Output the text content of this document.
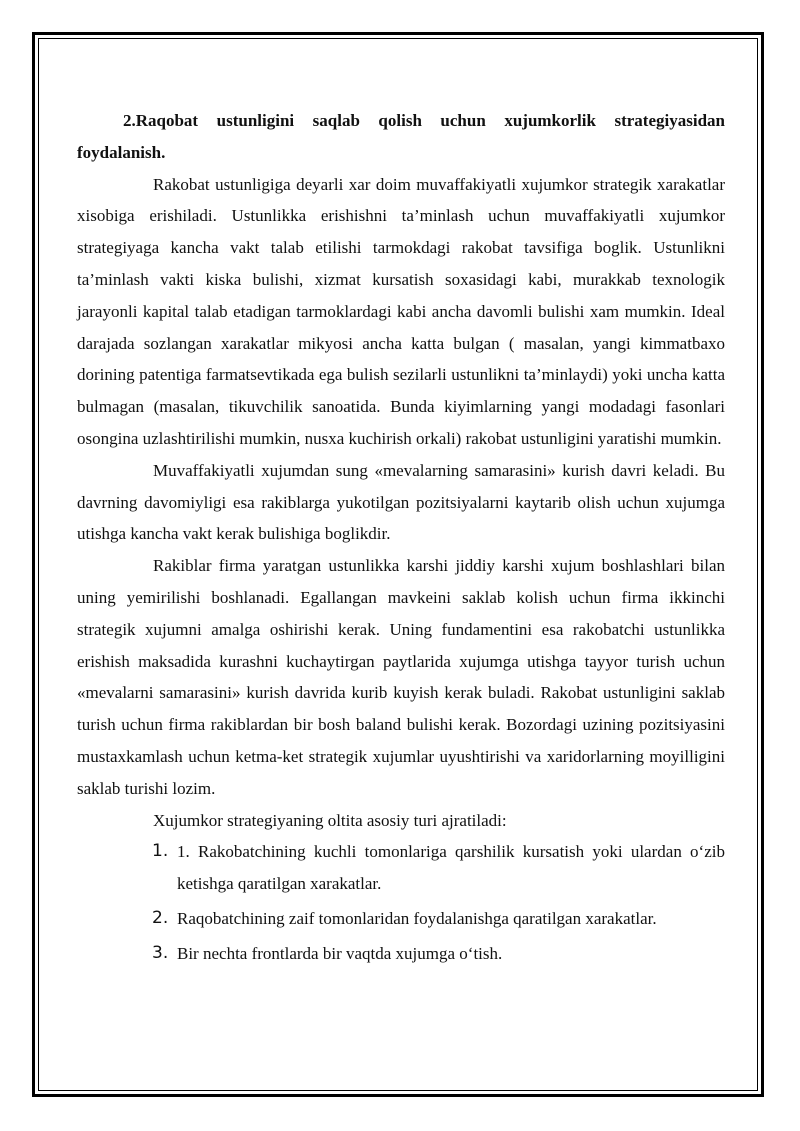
2.Raqobat ustunligini saqlab qolish uchun xujumkorlik strategiyasidan foydalanish.

Rakobat ustunligiga deyarli xar doim muvaffakiyatli xujumkor strategik xarakatlar xisobiga erishiladi. Ustunlikka erishishni ta’minlash uchun muvaffakiyatli xujumkor strategiyaga kancha vakt talab etilishi tarmokdagi rakobat tavsifiga boglik. Ustunlikni ta’minlash vakti kiska bulishi, xizmat kursatish soxasidagi kabi, murakkab texnologik jarayonli kapital talab etadigan tarmoklardagi kabi ancha davomli bulishi xam mumkin. Ideal darajada sozlangan xarakatlar mikyosi ancha katta bulgan ( masalan, yangi kimmatbaxo dorining patentiga farmatsevtikada ega bulish sezilarli ustunlikni ta’minlaydi) yoki uncha katta bulmagan (masalan, tikuvchilik sanoatida. Bunda kiyimlarning yangi modadagi fasonlari osongina uzlashtirilishi mumkin, nusxa kuchirish orkali) rakobat ustunligini yaratishi mumkin.

Muvaffakiyatli xujumdan sung «mevalarning samarasini» kurish davri keladi. Bu davrning davomiyligi esa rakiblarga yukotilgan pozitsiyalarni kaytarib olish uchun xujumga utishga kancha vakt kerak bulishiga boglikdir.

Rakiblar firma yaratgan ustunlikka karshi jiddiy karshi xujum boshlashlari bilan uning yemirilishi boshlanadi. Egallangan mavkeini saklab kolish uchun firma ikkinchi strategik xujumni amalga oshirishi kerak. Uning fundamentini esa rakobatchi ustunlikka erishish maksadida kurashni kuchaytirgan paytlarida xujumga utishga tayyor turish uchun «mevalarni samarasini» kurish davrida kurib kuyish kerak buladi. Rakobat ustunligini saklab turish uchun firma rakiblardan bir bosh baland bulishi kerak. Bozordagi uzining pozitsiyasini mustaxkamlash uchun ketma-ket strategik xujumlar uyushtirishi va xaridorlarning moyilligini saklab turishi lozim.

Xujumkor strategiyaning oltita asosiy turi ajratiladi:

1. 1. Rakobatchining kuchli tomonlariga qarshilik kursatish yoki ulardan o‘zib ketishga qaratilgan xarakatlar.
2. Raqobatchining zaif tomonlaridan foydalanishga qaratilgan xarakatlar.
3. Bir nechta frontlarda bir vaqtda xujumga o‘tish.
